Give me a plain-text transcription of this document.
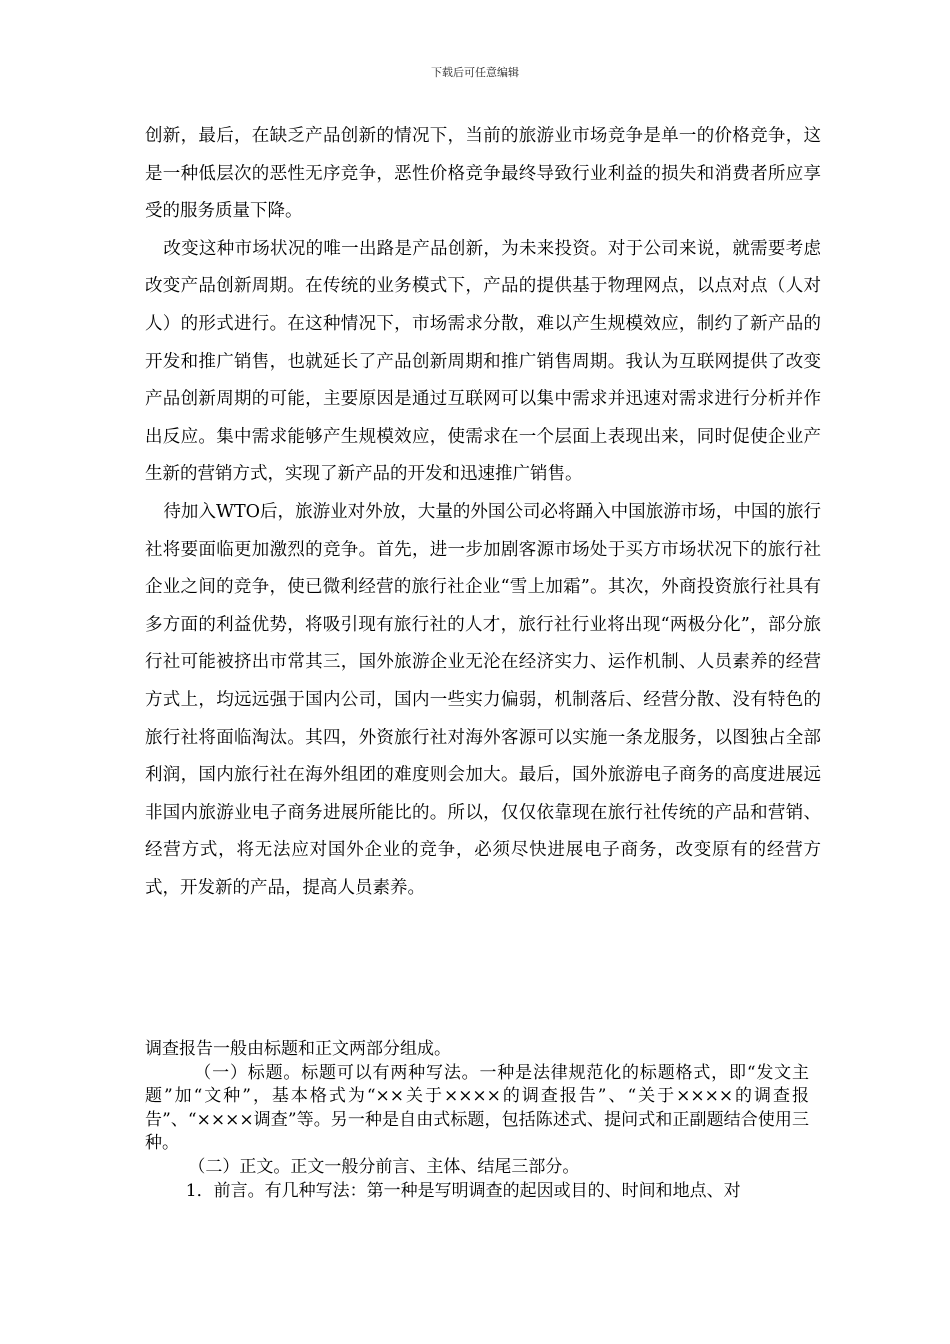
下载后可任意编辑

创新，最后，在缺乏产品创新的情况下，当前的旅游业市场竞争是单一的价格竞争，这是一种低层次的恶性无序竞争，恶性价格竞争最终导致行业利益的损失和消费者所应享受的服务质量下降。

改变这种市场状况的唯一出路是产品创新，为未来投资。对于公司来说，就需要考虑改变产品创新周期。在传统的业务模式下，产品的提供基于物理网点，以点对点（人对人）的形式进行。在这种情况下，市场需求分散，难以产生规模效应，制约了新产品的开发和推广销售，也就延长了产品创新周期和推广销售周期。我认为互联网提供了改变产品创新周期的可能，主要原因是通过互联网可以集中需求并迅速对需求进行分析并作出反应。集中需求能够产生规模效应，使需求在一个层面上表现出来，同时促使企业产生新的营销方式，实现了新产品的开发和迅速推广销售。

待加入WTO后，旅游业对外放，大量的外国公司必将踊入中国旅游市场，中国的旅行社将要面临更加激烈的竞争。首先，进一步加剧客源市场处于买方市场状况下的旅行社企业之间的竞争，使已微利经营的旅行社企业“雪上加霜”。其次，外商投资旅行社具有多方面的利益优势，将吸引现有旅行社的人才，旅行社行业将出现“两极分化”，部分旅行社可能被挤出市常其三，国外旅游企业无沦在经济实力、运作机制、人员素养的经营方式上，均远远强于国内公司，国内一些实力偏弱，机制落后、经营分散、没有特色的旅行社将面临淘汰。其四，外资旅行社对海外客源可以实施一条龙服务，以图独占全部利润，国内旅行社在海外组团的难度则会加大。最后，国外旅游电子商务的高度进展远非国内旅游业电子商务进展所能比的。所以，仅仅依靠现在旅行社传统的产品和营销、经营方式，将无法应对国外企业的竞争，必须尽快进展电子商务，改变原有的经营方式，开发新的产品，提高人员素养。

调查报告一般由标题和正文两部分组成。

（一）标题。标题可以有两种写法。一种是法律规范化的标题格式，即“发文主题”加“文种”，基本格式为“××关于××××的调查报告”、“关于××××的调查报告”、“××××调查”等。另一种是自由式标题，包括陈述式、提问式和正副题结合使用三种。

（二）正文。正文一般分前言、主体、结尾三部分。

1．前言。有几种写法：第一种是写明调查的起因或目的、时间和地点、对
